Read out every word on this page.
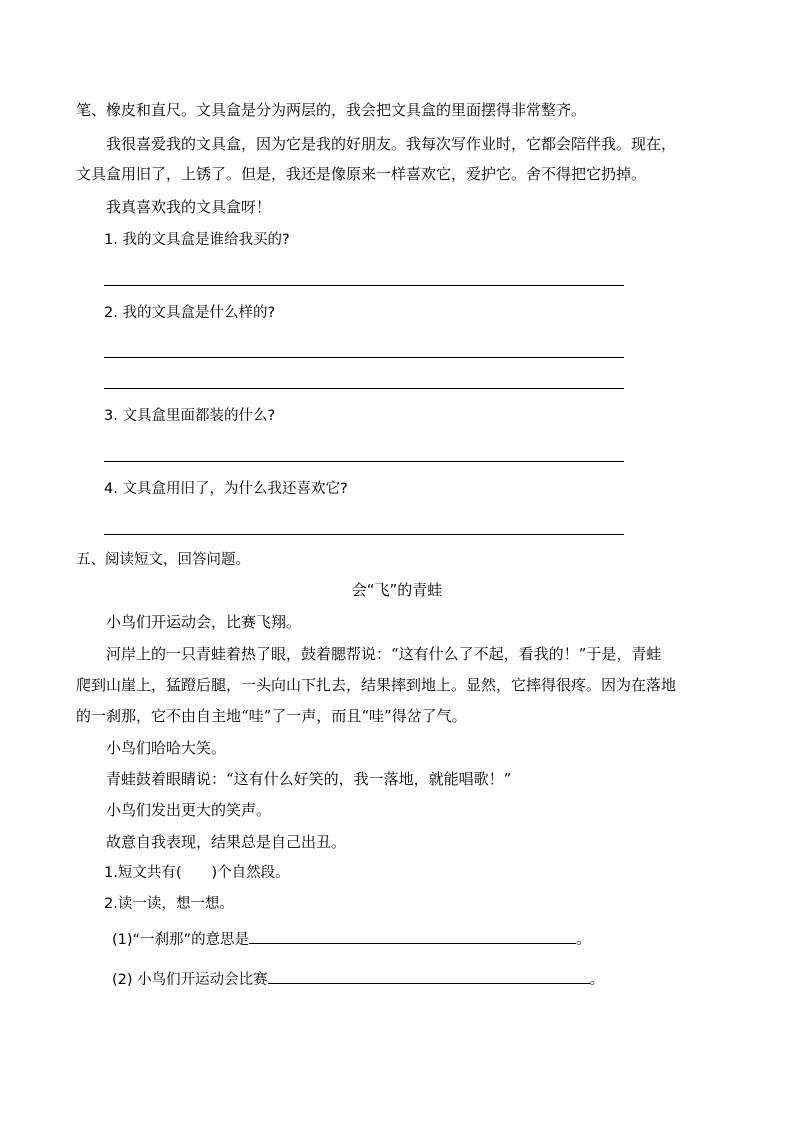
笔、橡皮和直尺。文具盒是分为两层的，我会把文具盒的里面摆得非常整齐。
我很喜爱我的文具盒，因为它是我的好朋友。我每次写作业时，它都会陪伴我。现在，
文具盒用旧了，上锈了。但是，我还是像原来一样喜欢它，爱护它。舍不得把它扔掉。
我真喜欢我的文具盒呀！
1. 我的文具盒是谁给我买的?
2. 我的文具盒是什么样的?
3. 文具盒里面都装的什么?
4. 文具盒用旧了，为什么我还喜欢它?
五、阅读短文，回答问题。
会“飞”的青蛙
小鸟们开运动会，比赛飞翔。
河岸上的一只青蛙着热了眼，鼓着腮帮说：“这有什么了不起，看我的！”于是，青蛙
爬到山崖上，猛蹬后腿，一头向山下扎去，结果摔到地上。显然，它摔得很疼。因为在落地
的一刹那，它不由自主地“哇”了一声，而且“哇”得岔了气。
小鸟们哈哈大笑。
青蛙鼓着眼睛说：“这有什么好笑的，我一落地，就能唱歌！”
小鸟们发出更大的笑声。
故意自我表现，结果总是自己出丑。
1.短文共有( )个自然段。
2.读一读，想一想。
(1)“一刹那”的意思是	。
(2) 小鸟们开运动会比赛	。
